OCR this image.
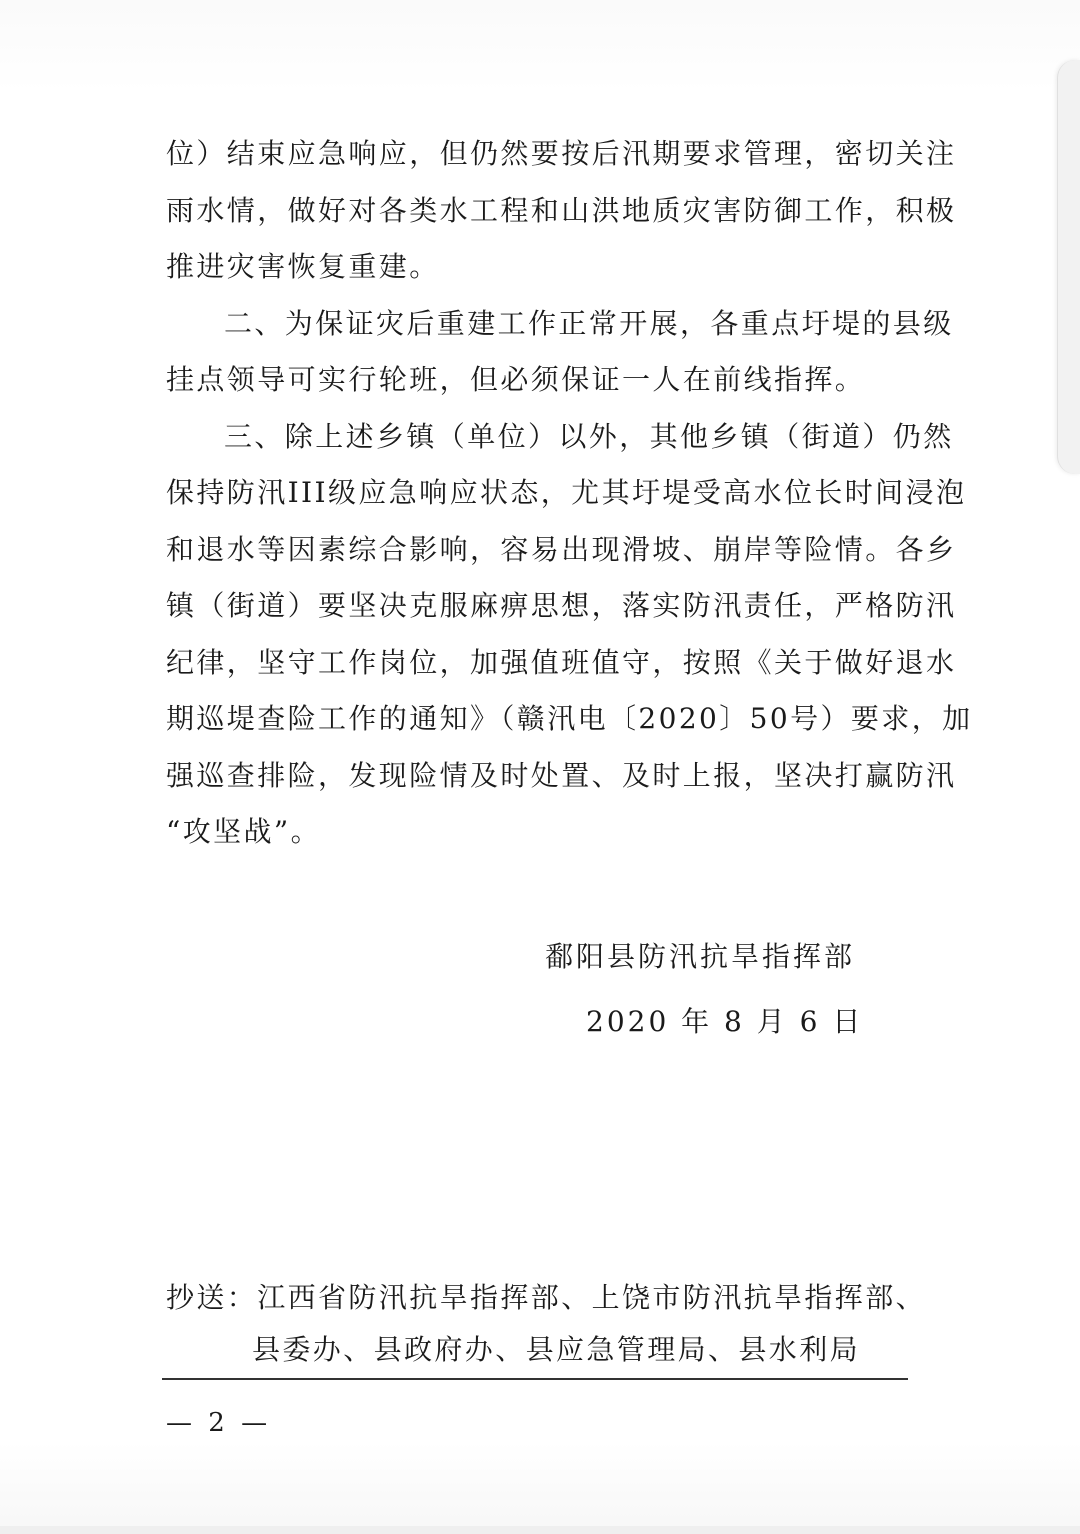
位）结束应急响应，但仍然要按后汛期要求管理，密切关注
雨水情，做好对各类水工程和山洪地质灾害防御工作，积极
推进灾害恢复重建。
二、为保证灾后重建工作正常开展，各重点圩堤的县级
挂点领导可实行轮班，但必须保证一人在前线指挥。
三、除上述乡镇（单位）以外，其他乡镇（街道）仍然
保持防汛III级应急响应状态，尤其圩堤受高水位长时间浸泡
和退水等因素综合影响，容易出现滑坡、崩岸等险情。各乡
镇（街道）要坚决克服麻痹思想，落实防汛责任，严格防汛
纪律，坚守工作岗位，加强值班值守，按照《关于做好退水
期巡堤查险工作的通知》（赣汛电〔2020〕50号）要求，加
强巡查排险，发现险情及时处置、及时上报，坚决打赢防汛
“攻坚战”。
鄱阳县防汛抗旱指挥部
2020 年 8 月 6 日
抄送：江西省防汛抗旱指挥部、上饶市防汛抗旱指挥部、
县委办、县政府办、县应急管理局、县水利局
— 2 —
